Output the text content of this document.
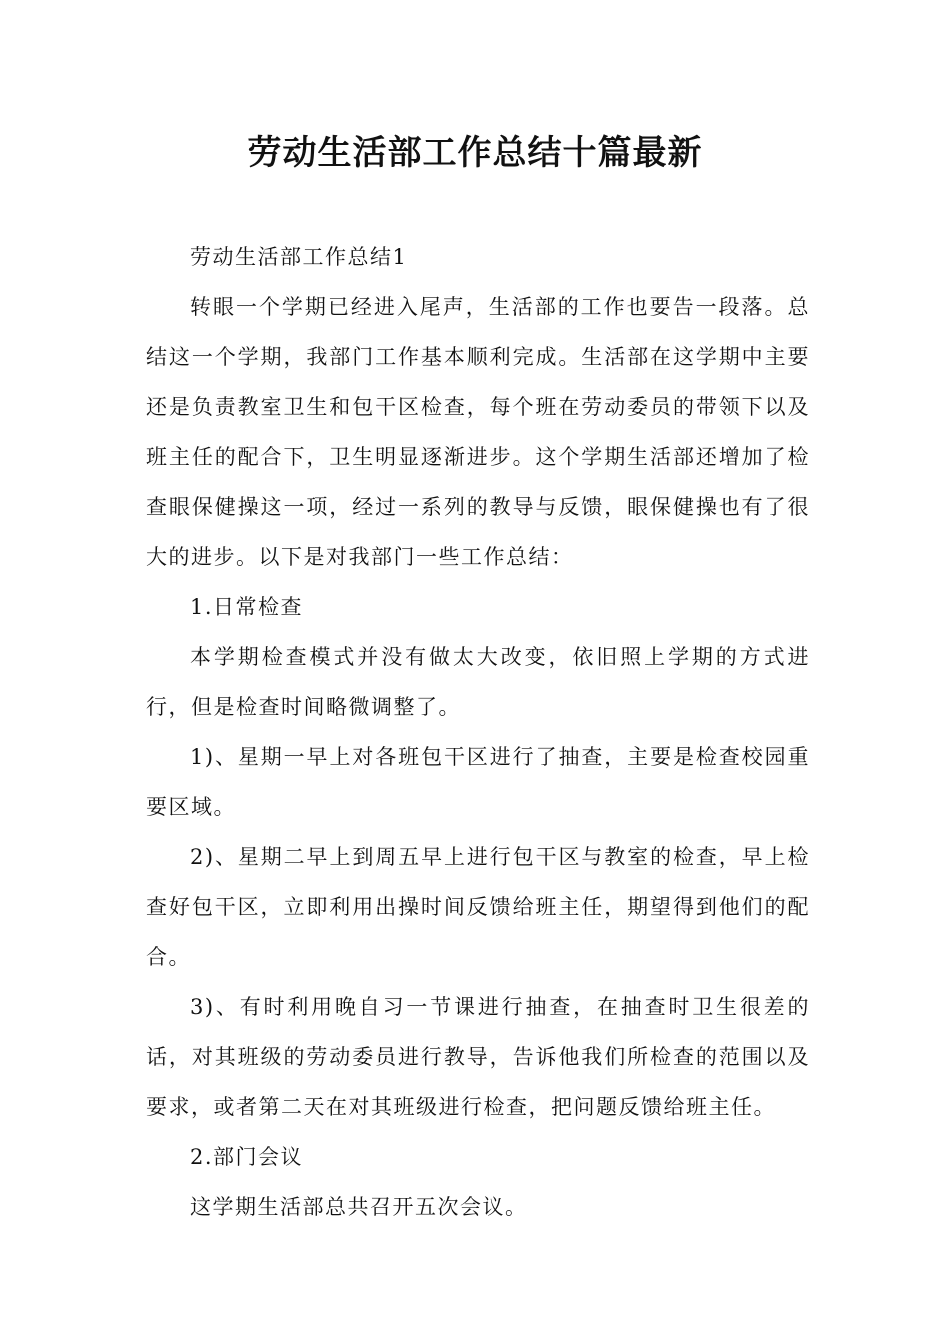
劳动生活部工作总结十篇最新

劳动生活部工作总结1

转眼一个学期已经进入尾声，生活部的工作也要告一段落。总结这一个学期，我部门工作基本顺利完成。生活部在这学期中主要还是负责教室卫生和包干区检查，每个班在劳动委员的带领下以及班主任的配合下，卫生明显逐渐进步。这个学期生活部还增加了检查眼保健操这一项，经过一系列的教导与反馈，眼保健操也有了很大的进步。以下是对我部门一些工作总结：

1.日常检查

本学期检查模式并没有做太大改变，依旧照上学期的方式进行，但是检查时间略微调整了。

1)、星期一早上对各班包干区进行了抽查，主要是检查校园重要区域。

2)、星期二早上到周五早上进行包干区与教室的检查，早上检查好包干区，立即利用出操时间反馈给班主任，期望得到他们的配合。

3)、有时利用晚自习一节课进行抽查，在抽查时卫生很差的话，对其班级的劳动委员进行教导，告诉他我们所检查的范围以及要求，或者第二天在对其班级进行检查，把问题反馈给班主任。

2.部门会议

这学期生活部总共召开五次会议。
